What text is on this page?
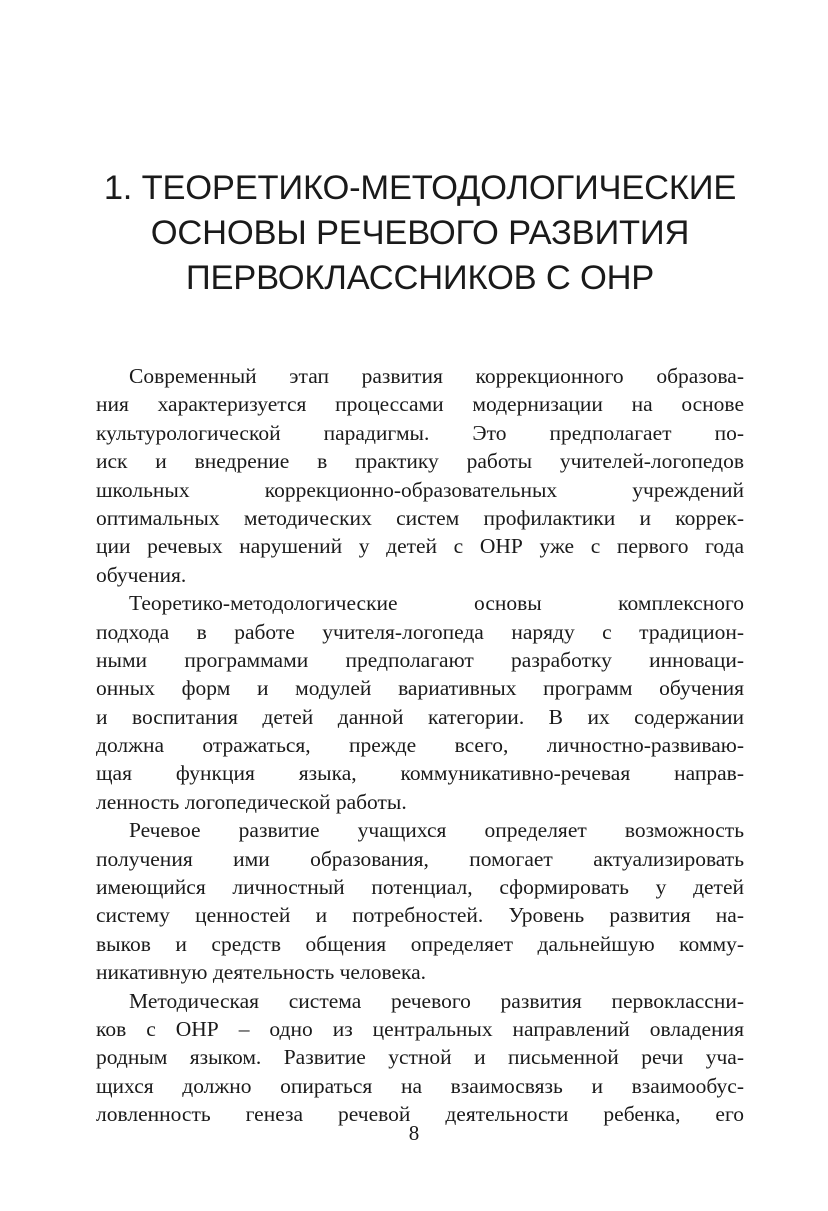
1. ТЕОРЕТИКО-МЕТОДОЛОГИЧЕСКИЕ
ОСНОВЫ РЕЧЕВОГО РАЗВИТИЯ
ПЕРВОКЛАССНИКОВ С ОНР
Современный этап развития коррекционного образова-
ния характеризуется процессами модернизации на основе
культурологической парадигмы. Это предполагает по-
иск и внедрение в практику работы учителей-логопедов
школьных коррекционно-образовательных учреждений
оптимальных методических систем профилактики и коррек-
ции речевых нарушений у детей с ОНР уже с первого года
обучения.
Теоретико-методологические основы комплексного
подхода в работе учителя-логопеда наряду с традицион-
ными программами предполагают разработку инноваци-
онных форм и модулей вариативных программ обучения
и воспитания детей данной категории. В их содержании
должна отражаться, прежде всего, личностно-развиваю-
щая функция языка, коммуникативно-речевая направ-
ленность логопедической работы.
Речевое развитие учащихся определяет возможность
получения ими образования, помогает актуализировать
имеющийся личностный потенциал, сформировать у детей
систему ценностей и потребностей. Уровень развития на-
выков и средств общения определяет дальнейшую комму-
никативную деятельность человека.
Методическая система речевого развития первоклассни-
ков с ОНР – одно из центральных направлений овладения
родным языком. Развитие устной и письменной речи уча-
щихся должно опираться на взаимосвязь и взаимообус-
ловленность генеза речевой деятельности ребенка, его
8
